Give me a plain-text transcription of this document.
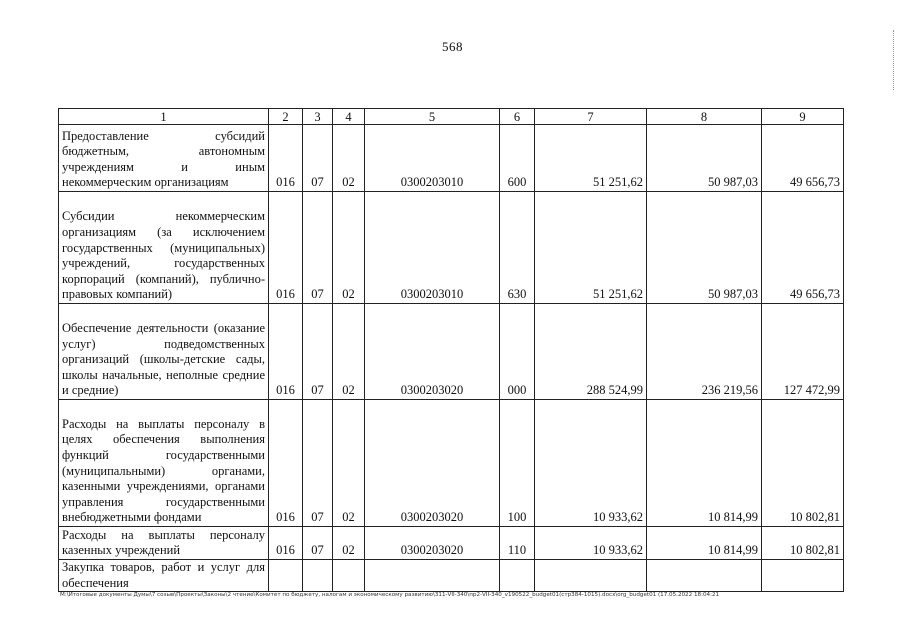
568
1	2	3	4	5	6	7	8	9
Предоставление субсидий бюджетным, автономным учреждениям и иным некоммерческим организациям	016	07	02	0300203010	600	51 251,62	50 987,03	49 656,73
Субсидии некоммерческим организациям (за исключением государственных (муниципальных) учреждений, государственных корпораций (компаний), публично-правовых компаний)	016	07	02	0300203010	630	51 251,62	50 987,03	49 656,73
Обеспечение деятельности (оказание услуг) подведомственных организаций (школы-детские сады, школы начальные, неполные средние и средние)	016	07	02	0300203020	000	288 524,99	236 219,56	127 472,99
Расходы на выплаты персоналу в целях обеспечения выполнения функций государственными (муниципальными) органами, казенными учреждениями, органами управления государственными внебюджетными фондами	016	07	02	0300203020	100	10 933,62	10 814,99	10 802,81
Расходы на выплаты персоналу казенных учреждений	016	07	02	0300203020	110	10 933,62	10 814,99	10 802,81
Закупка товаров, работ и услуг для обеспечения								
M:\Итоговые документы Думы\7 созыв\Проекты\Законы\2 чтение\Комитет по бюджету, налогам и экономическому развитию\311-VII-340\пр2-VII-340_v190522_budget01(стр384-1015).docx\org_budget01 (17.05.2022 18:04:21
